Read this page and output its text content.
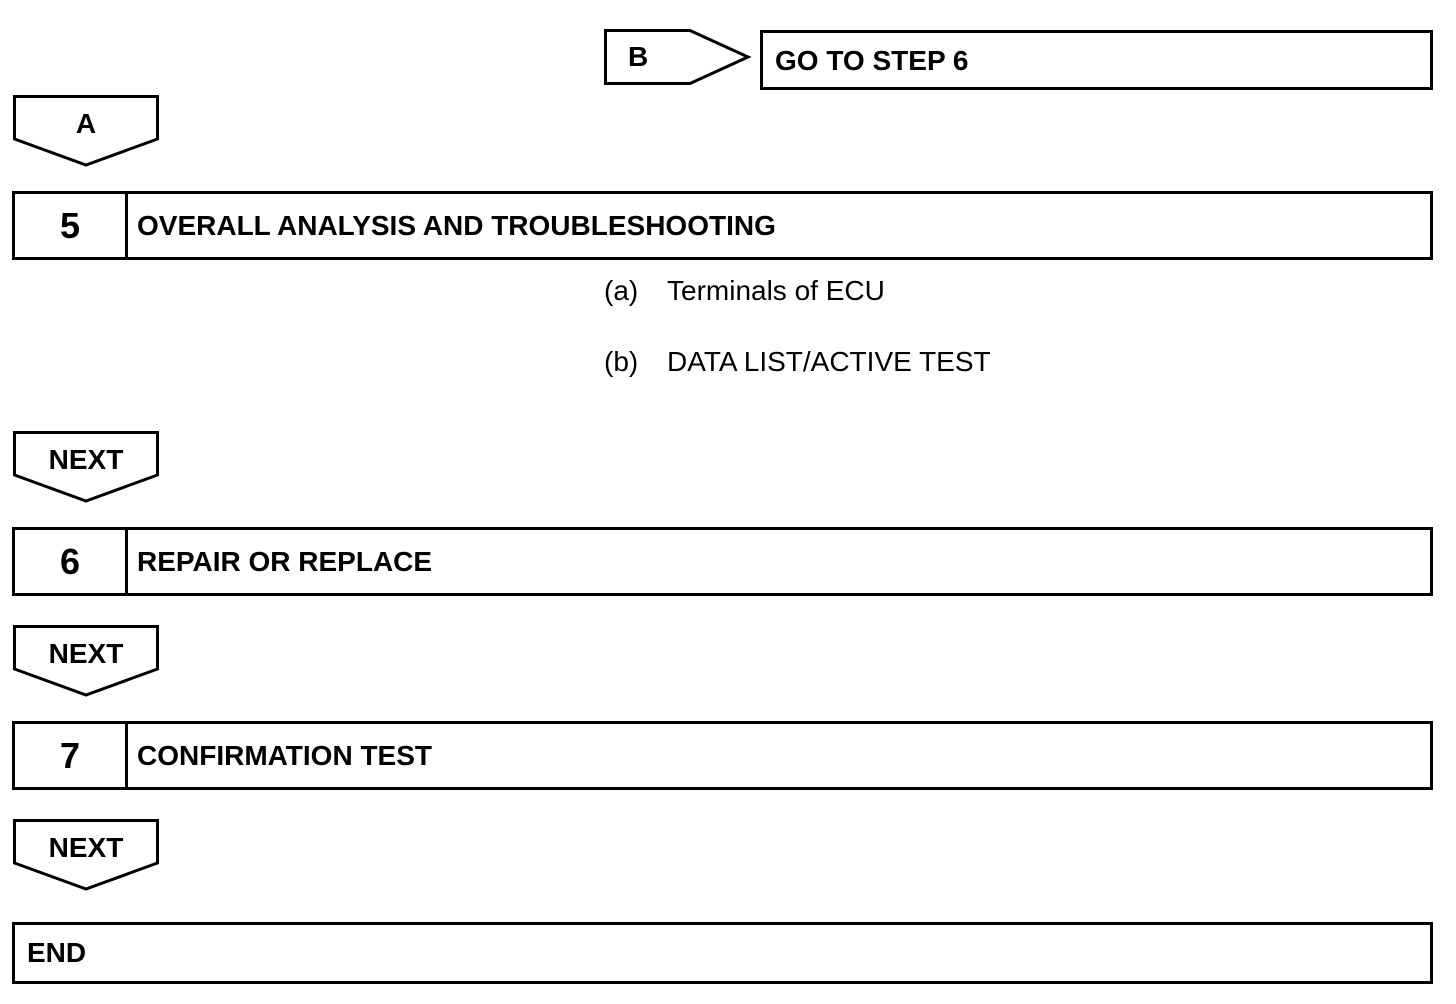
B	GO TO STEP 6
A
5	OVERALL ANALYSIS AND TROUBLESHOOTING
(a) Terminals of ECU
(b) DATA LIST/ACTIVE TEST
NEXT
6	REPAIR OR REPLACE
NEXT
7	CONFIRMATION TEST
NEXT
END
